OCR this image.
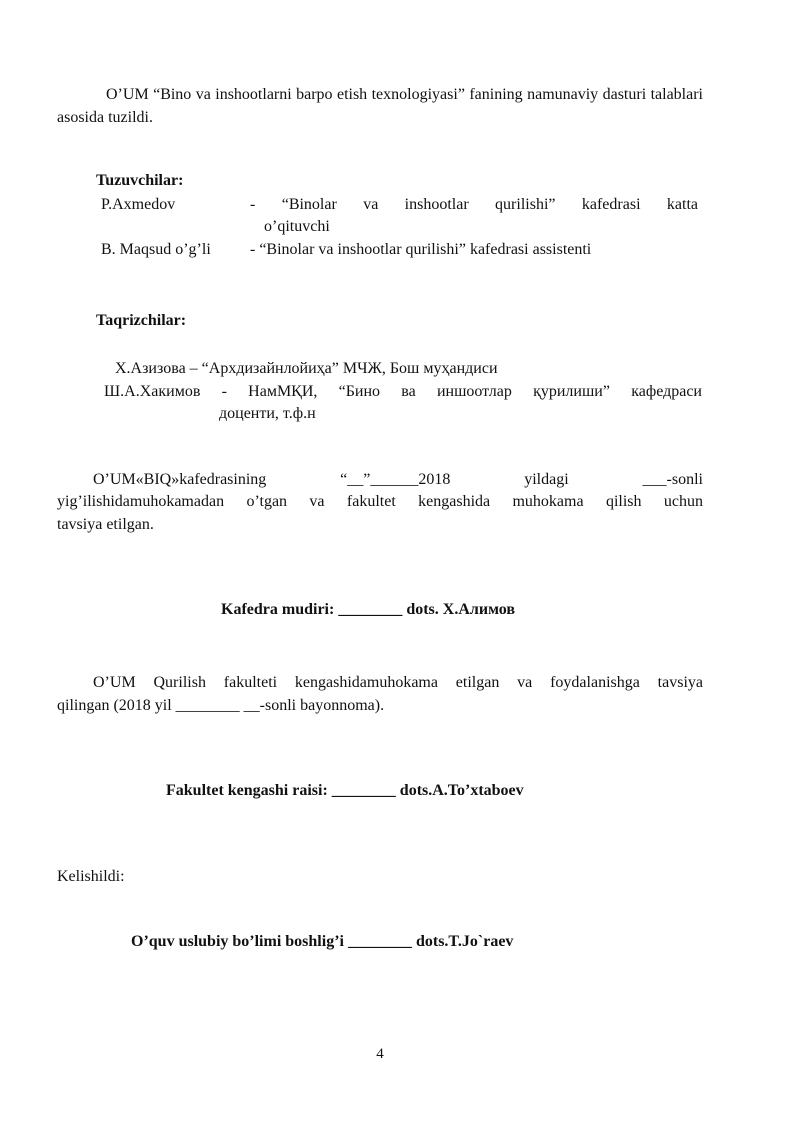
O’UM “Bino va inshootlarni barpo etish texnologiyasi” fanining namunaviy dasturi talablari asosida tuzildi.
Tuzuvchilar:
P.Axmedov	- “Binolar va inshootlar qurilishi” kafedrasi katta
o’qituvchi
B. Maqsud o’g’li - “Binolar va inshootlar qurilishi” kafedrasi assistenti
Taqrizchilar:
Х.Азизова – “Архдизайнлойиҳа” МЧЖ, Бош муҳандиси
Ш.А.Хакимов - НамМҚИ, “Бино ва иншоотлар қурилиши” кафедраси
доценти, т.ф.н
O’UM«BIQ»kafedrasining “__”______2018 yildagi ___-sonli
yig’ilishidamuhokamadan o’tgan va fakultet kengashida muhokama qilish uchun
tavsiya etilgan.
Kafedra mudiri: ________ dots. Х.Алимов
O’UM Qurilish fakulteti kengashidamuhokama etilgan va foydalanishga tavsiya
qilingan (2018 yil ________ __-sonli bayonnoma).
Fakultet kengashi raisi: ________ dots.A.To’xtaboev
Kelishildi:
O’quv uslubiy bo’limi boshlig’i ________ dots.T.Jo`raev
4
